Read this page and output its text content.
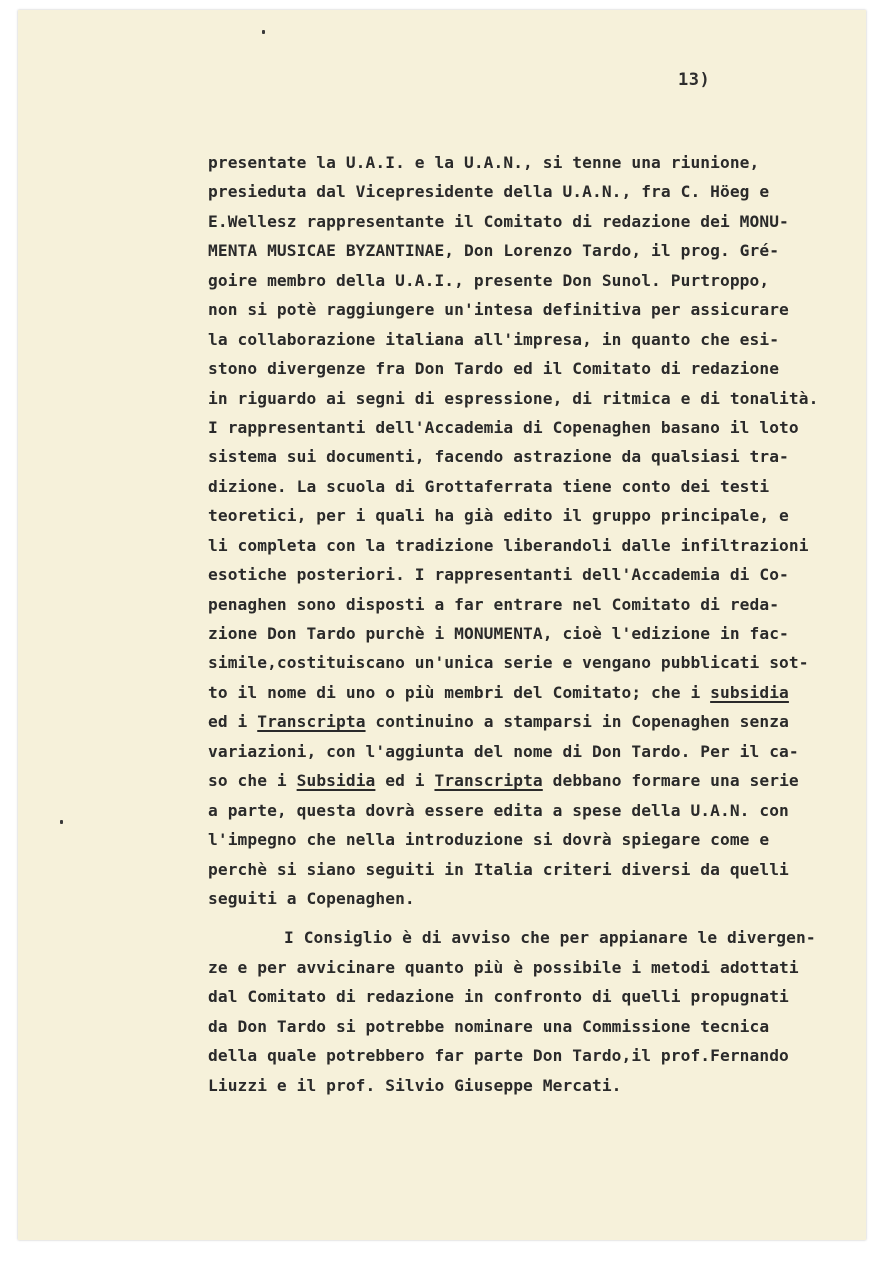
13)
presentate la U.A.I. e la U.A.N., si tenne una riunione,
presieduta dal Vicepresidente della U.A.N., fra C. Höeg e
E.Wellesz rappresentante il Comitato di redazione dei MONU-
MENTA MUSICAE BYZANTINAE, Don Lorenzo Tardo, il prog. Gré-
goire membro della U.A.I., presente Don Sunol. Purtroppo,
non si potè raggiungere un'intesa definitiva per assicurare
la collaborazione italiana all'impresa, in quanto che esi-
stono divergenze fra Don Tardo ed il Comitato di redazione
in riguardo ai segni di espressione, di ritmica e di tonalità.
I rappresentanti dell'Accademia di Copenaghen basano il loto
sistema sui documenti, facendo astrazione da qualsiasi tra-
dizione. La scuola di Grottaferrata tiene conto dei testi
teoretici, per i quali ha già edito il gruppo principale, e
li completa con la tradizione liberandoli dalle infiltrazioni
esotiche posteriori. I rappresentanti dell'Accademia di Co-
penaghen sono disposti a far entrare nel Comitato di reda-
zione Don Tardo purchè i MONUMENTA, cioè l'edizione in fac-
simile,costituiscano un'unica serie e vengano pubblicati sot-
to il nome di uno o più membri del Comitato; che i subsidia
ed i Transcripta continuino a stamparsi in Copenaghen senza
variazioni, con l'aggiunta del nome di Don Tardo. Per il ca-
so che i Subsidia ed i Transcripta debbano formare una serie
a parte, questa dovrà essere edita a spese della U.A.N. con
l'impegno che nella introduzione si dovrà spiegare come e
perchè si siano seguiti in Italia criteri diversi da quelli
seguiti a Copenaghen.
I Consiglio è di avviso che per appianare le divergen-
ze e per avvicinare quanto più è possibile i metodi adottati
dal Comitato di redazione in confronto di quelli propugnati
da Don Tardo si potrebbe nominare una Commissione tecnica
della quale potrebbero far parte Don Tardo,il prof.Fernando
Liuzzi e il prof. Silvio Giuseppe Mercati.
